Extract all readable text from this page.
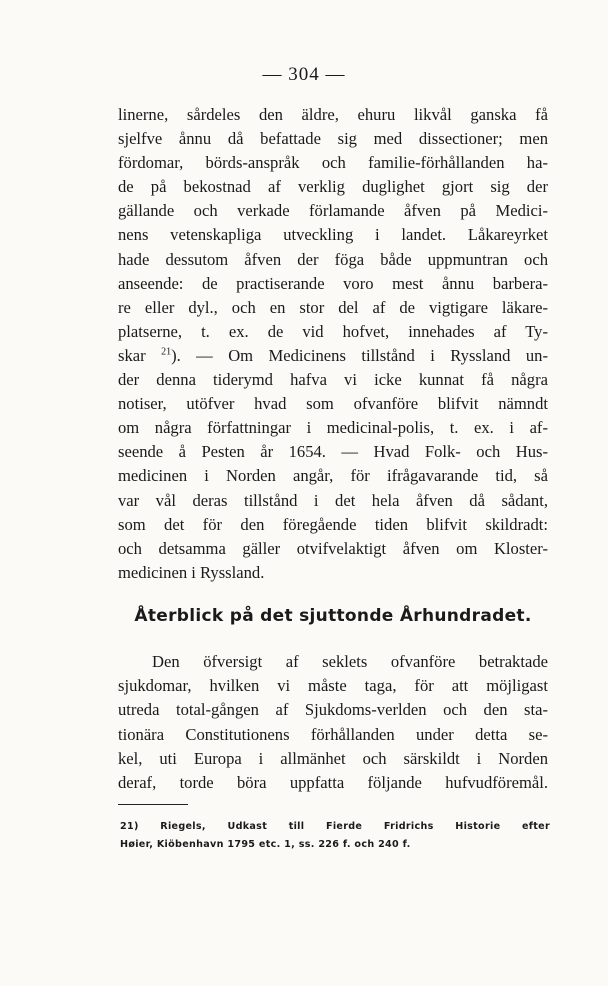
— 304 —
linerne, sårdeles den äldre, ehuru likvål ganska få
sjelfve ånnu då befattade sig med dissectioner; men
fördomar, börds-anspråk och familie-förhållanden ha-
de på bekostnad af verklig duglighet gjort sig der
gällande och verkade förlamande åfven på Medici-
nens vetenskapliga utveckling i landet. Låkareyrket
hade dessutom åfven der föga både uppmuntran och
anseende: de practiserande voro mest ånnu barbera-
re eller dyl., och en stor del af de vigtigare läkare-
platserne, t. ex. de vid hofvet, innehades af Ty-
skar $^{21}$). — Om Medicinens tillstånd i Ryssland un-
der denna tiderymd hafva vi icke kunnat få några
notiser, utöfver hvad som ofvanföre blifvit nämndt
om några författningar i medicinal-polis, t. ex. i af-
seende å Pesten år 1654. — Hvad Folk- och Hus-
medicinen i Norden angår, för ifrågavarande tid, så
var vål deras tillstånd i det hela åfven då sådant,
som det för den föregående tiden blifvit skildradt:
och detsamma gäller otvifvelaktigt åfven om Kloster-
medicinen i Ryssland.
Återblick på det sjuttonde Århundradet.
Den öfversigt af seklets ofvanföre betraktade
sjukdomar, hvilken vi måste taga, för att möjligast
utreda total-gången af Sjukdoms-verlden och den sta-
tionära Constitutionens förhållanden under detta se-
kel, uti Europa i allmänhet och särskildt i Norden
deraf, torde böra uppfatta följande hufvudföremål.
21) Riegels, Udkast till Fierde Fridrichs Historie efter
Høier, Kiöbenhavn 1795 etc. 1, ss. 226 f. och 240 f.
